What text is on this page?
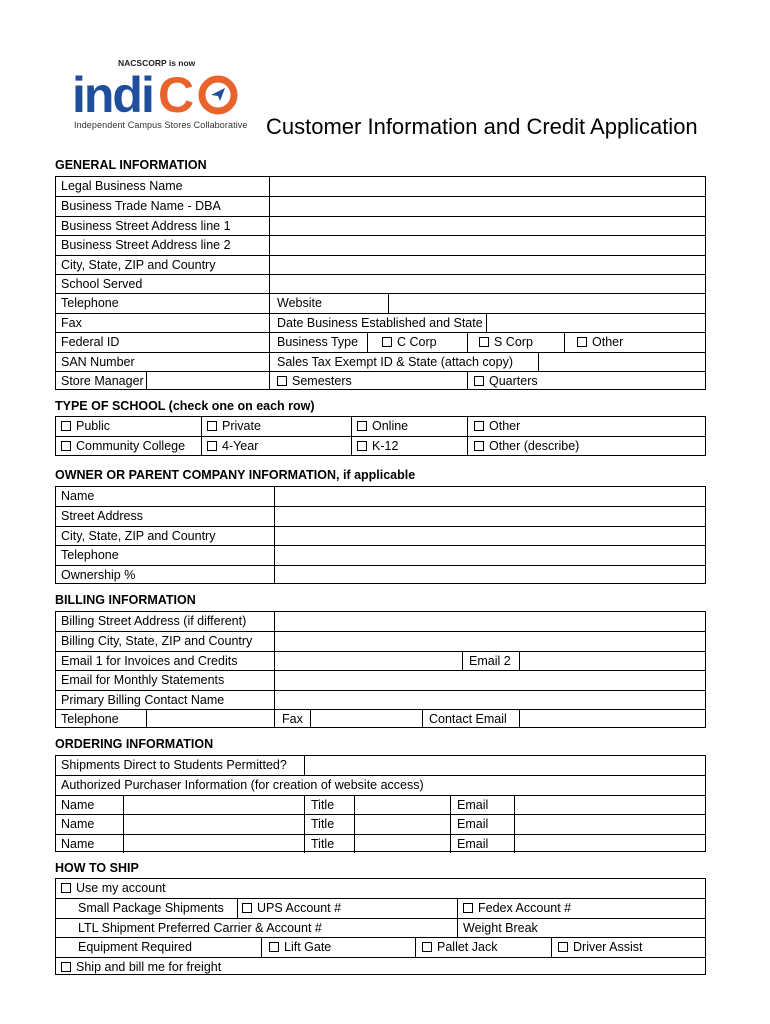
NACSCORP is now
indi C
Independent Campus Stores Collaborative Customer Information and Credit Application
GENERAL INFORMATION
Legal Business Name
Business Trade Name - DBA
Business Street Address line 1
Business Street Address line 2
City, State, ZIP and Country
School Served
Telephone	Website
Fax	Date Business Established and State
Federal ID	Business Type	C Corp	S Corp	Other
SAN Number	Sales Tax Exempt ID & State (attach copy)
Store Manager	Semesters	Quarters
TYPE OF SCHOOL (check one on each row)
Public	Private	Online	Other
Community College	4-Year	K-12	Other (describe)
OWNER OR PARENT COMPANY INFORMATION, if applicable
Name
Street Address
City, State, ZIP and Country
Telephone
Ownership %
BILLING INFORMATION
Billing Street Address (if different)
Billing City, State, ZIP and Country
Email 1 for Invoices and Credits	Email 2
Email for Monthly Statements
Primary Billing Contact Name
Telephone	Fax	Contact Email
ORDERING INFORMATION
Shipments Direct to Students Permitted?
Authorized Purchaser Information (for creation of website access)
Name	Title	Email
Name	Title	Email
Name	Title	Email
HOW TO SHIP
Use my account
Small Package Shipments	UPS Account #	Fedex Account #
LTL Shipment Preferred Carrier & Account #	Weight Break
Equipment Required	Lift Gate	Pallet Jack	Driver Assist
Ship and bill me for freight
